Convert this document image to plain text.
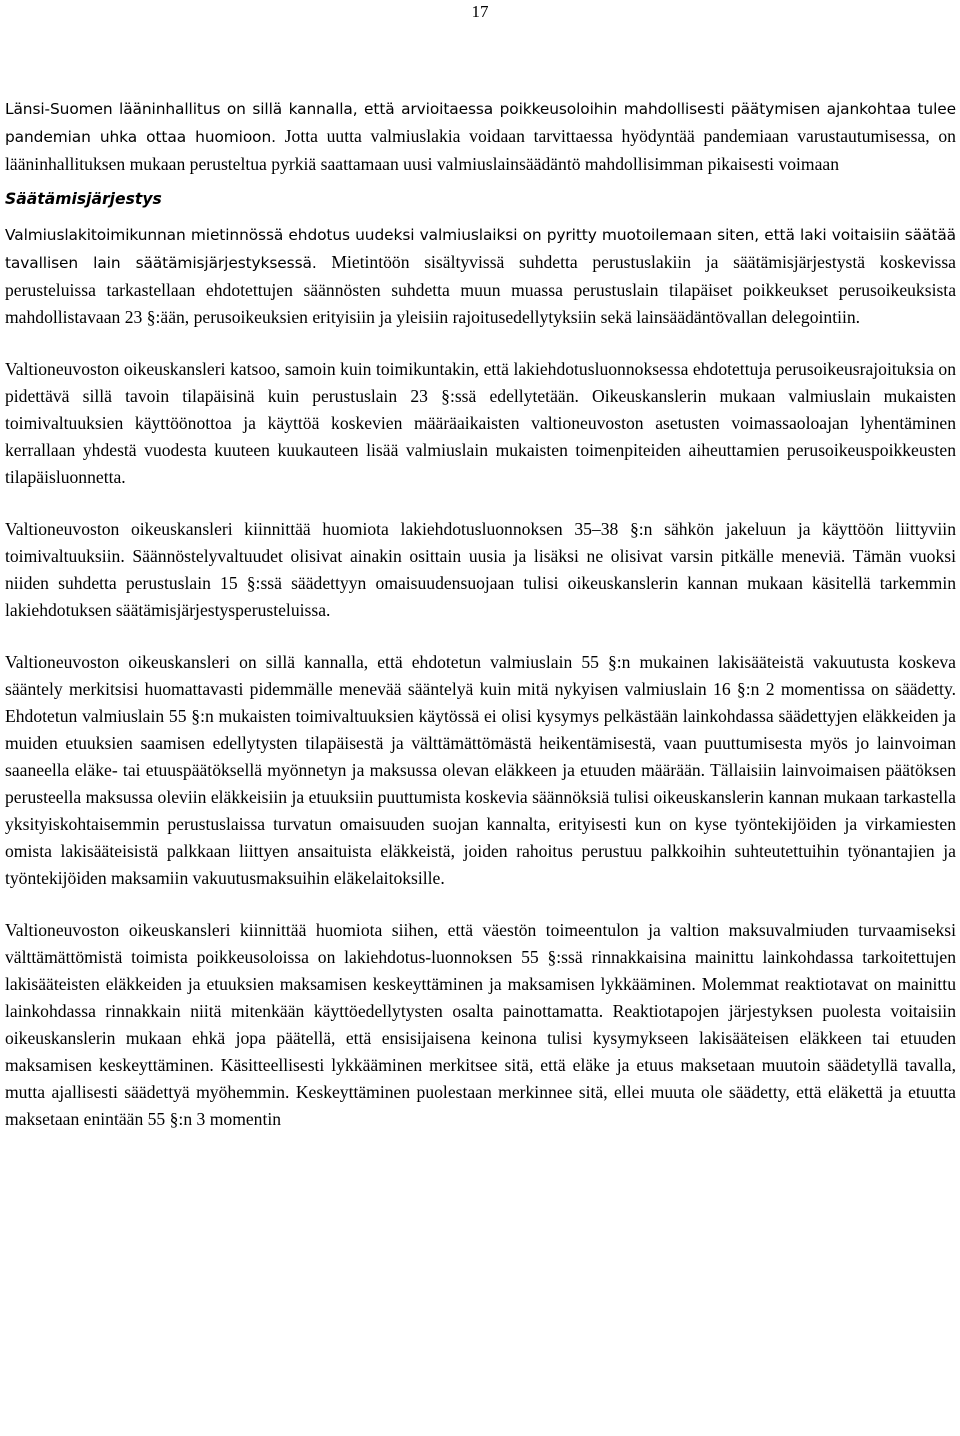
17

Länsi-Suomen lääninhallitus on sillä kannalla, että arvioitaessa poikkeusoloihin mahdollisesti päätymisen ajankohtaa tulee pandemian uhka ottaa huomioon. Jotta uutta valmiuslakia voidaan tarvittaessa hyödyntää pandemiaan varustautumisessa, on lääninhallituksen mukaan perusteltua pyrkiä saattamaan uusi valmiuslainsäädäntö mahdollisimman pikaisesti voimaan

Säätämisjärjestys

Valmiuslakitoimikunnan mietinnössä ehdotus uudeksi valmiuslaiksi on pyritty muotoilemaan siten, että laki voitaisiin säätää tavallisen lain säätämisjärjestyksessä. Mietintöön sisältyvissä suhdetta perustuslakiin ja säätämisjärjestystä koskevissa perusteluissa tarkastellaan ehdotettujen säännösten suhdetta muun muassa perustuslain tilapäiset poikkeukset perusoikeuksista mahdollistavaan 23 §:ään, perusoikeuksien erityisiin ja yleisiin rajoitusedellytyksiin sekä lainsäädäntövallan delegointiin.

Valtioneuvoston oikeuskansleri katsoo, samoin kuin toimikuntakin, että lakiehdotusluonnoksessa ehdotettuja perusoikeusrajoituksia on pidettävä sillä tavoin tilapäisinä kuin perustuslain 23 §:ssä edellytetään. Oikeuskanslerin mukaan valmiuslain mukaisten toimivaltuuksien käyttöönottoa ja käyttöä koskevien määräaikaisten valtioneuvoston asetusten voimassaoloajan lyhentäminen kerrallaan yhdestä vuodesta kuuteen kuukauteen lisää valmiuslain mukaisten toimenpiteiden aiheuttamien perusoikeuspoikkeusten tilapäisluonnetta.

Valtioneuvoston oikeuskansleri kiinnittää huomiota lakiehdotusluonnoksen 35–38 §:n sähkön jakeluun ja käyttöön liittyviin toimivaltuuksiin. Säännöstelyvaltuudet olisivat ainakin osittain uusia ja lisäksi ne olisivat varsin pitkälle meneviä. Tämän vuoksi niiden suhdetta perustuslain 15 §:ssä säädettyyn omaisuudensuojaan tulisi oikeuskanslerin kannan mukaan käsitellä tarkemmin lakiehdotuksen säätämisjärjestysperusteluissa.

Valtioneuvoston oikeuskansleri on sillä kannalla, että ehdotetun valmiuslain 55 §:n mukainen lakisääteistä vakuutusta koskeva sääntely merkitsisi huomattavasti pidemmälle menevää sääntelyä kuin mitä nykyisen valmiuslain 16 §:n 2 momentissa on säädetty. Ehdotetun valmiuslain 55 §:n mukaisten toimivaltuuksien käytössä ei olisi kysymys pelkästään lainkohdassa säädettyjen eläkkeiden ja muiden etuuksien saamisen edellytysten tilapäisestä ja välttämättömästä heikentämisestä, vaan puuttumisesta myös jo lainvoiman saaneella eläke- tai etuuspäätöksellä myönnetyn ja maksussa olevan eläkkeen ja etuuden määrään. Tällaisiin lainvoimaisen päätöksen perusteella maksussa oleviin eläkkeisiin ja etuuksiin puuttumista koskevia säännöksiä tulisi oikeuskanslerin kannan mukaan tarkastella yksityiskohtaisemmin perustuslaissa turvatun omaisuuden suojan kannalta, erityisesti kun on kyse työntekijöiden ja virkamiesten omista lakisääteisistä palkkaan liittyen ansaituista eläkkeistä, joiden rahoitus perustuu palkkoihin suhteutettuihin työnantajien ja työntekijöiden maksamiin vakuutusmaksuihin eläkelaitoksille.

Valtioneuvoston oikeuskansleri kiinnittää huomiota siihen, että väestön toimeentulon ja valtion maksuvalmiuden turvaamiseksi välttämättömistä toimista poikkeusoloissa on lakiehdotus-luonnoksen 55 §:ssä rinnakkaisina mainittu lainkohdassa tarkoitettujen lakisääteisten eläkkeiden ja etuuksien maksamisen keskeyttäminen ja maksamisen lykkääminen. Molemmat reaktiotavat on mainittu lainkohdassa rinnakkain niitä mitenkään käyttöedellytysten osalta painottamatta. Reaktiotapojen järjestyksen puolesta voitaisiin oikeuskanslerin mukaan ehkä jopa päätellä, että ensisijaisena keinona tulisi kysymykseen lakisääteisen eläkkeen tai etuuden maksamisen keskeyttäminen. Käsitteellisesti lykkääminen merkitsee sitä, että eläke ja etuus maksetaan muutoin säädetyllä tavalla, mutta ajallisesti säädettyä myöhemmin. Keskeyttäminen puolestaan merkinnee sitä, ellei muuta ole säädetty, että eläkettä ja etuutta maksetaan enintään 55 §:n 3 momentin
